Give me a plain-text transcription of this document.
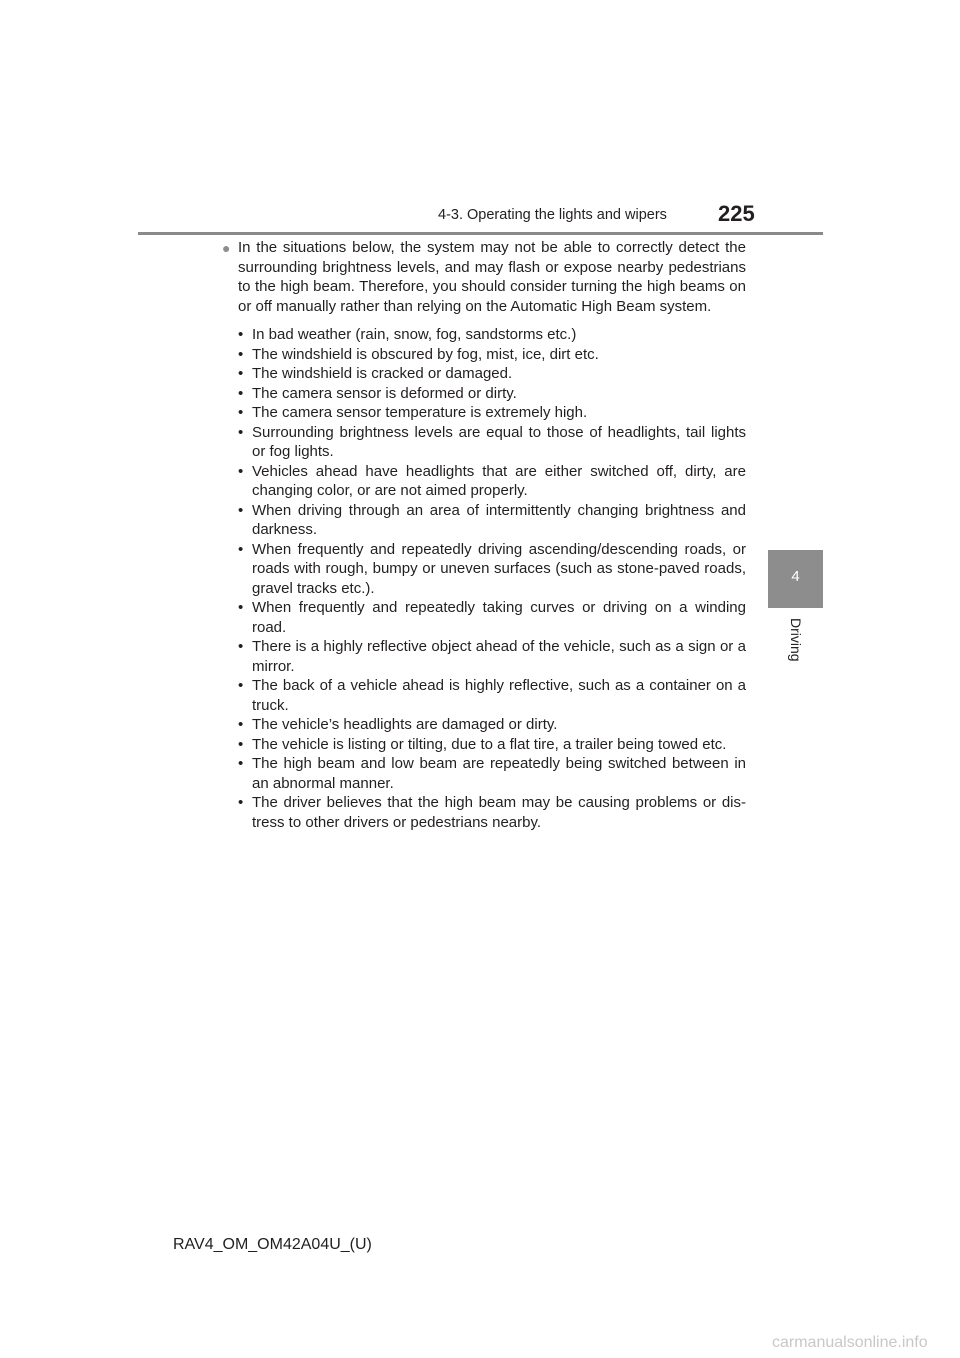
4-3. Operating the lights and wipers 225
4
Driving
● In the situations below, the system may not be able to correctly detect the surrounding brightness levels, and may flash or expose nearby pedestrians to the high beam. Therefore, you should consider turning the high beams on or off manually rather than relying on the Automatic High Beam system.
• In bad weather (rain, snow, fog, sandstorms etc.)
• The windshield is obscured by fog, mist, ice, dirt etc.
• The windshield is cracked or damaged.
• The camera sensor is deformed or dirty.
• The camera sensor temperature is extremely high.
• Surrounding brightness levels are equal to those of headlights, tail lights or fog lights.
• Vehicles ahead have headlights that are either switched off, dirty, are changing color, or are not aimed properly.
• When driving through an area of intermittently changing brightness and darkness.
• When frequently and repeatedly driving ascending/descending roads, or roads with rough, bumpy or uneven surfaces (such as stone-paved roads, gravel tracks etc.).
• When frequently and repeatedly taking curves or driving on a winding road.
• There is a highly reflective object ahead of the vehicle, such as a sign or a mirror.
• The back of a vehicle ahead is highly reflective, such as a container on a truck.
• The vehicle’s headlights are damaged or dirty.
• The vehicle is listing or tilting, due to a flat tire, a trailer being towed etc.
• The high beam and low beam are repeatedly being switched between in an abnormal manner.
• The driver believes that the high beam may be causing problems or dis-tress to other drivers or pedestrians nearby.
RAV4_OM_OM42A04U_(U)
carmanualsonline.info
